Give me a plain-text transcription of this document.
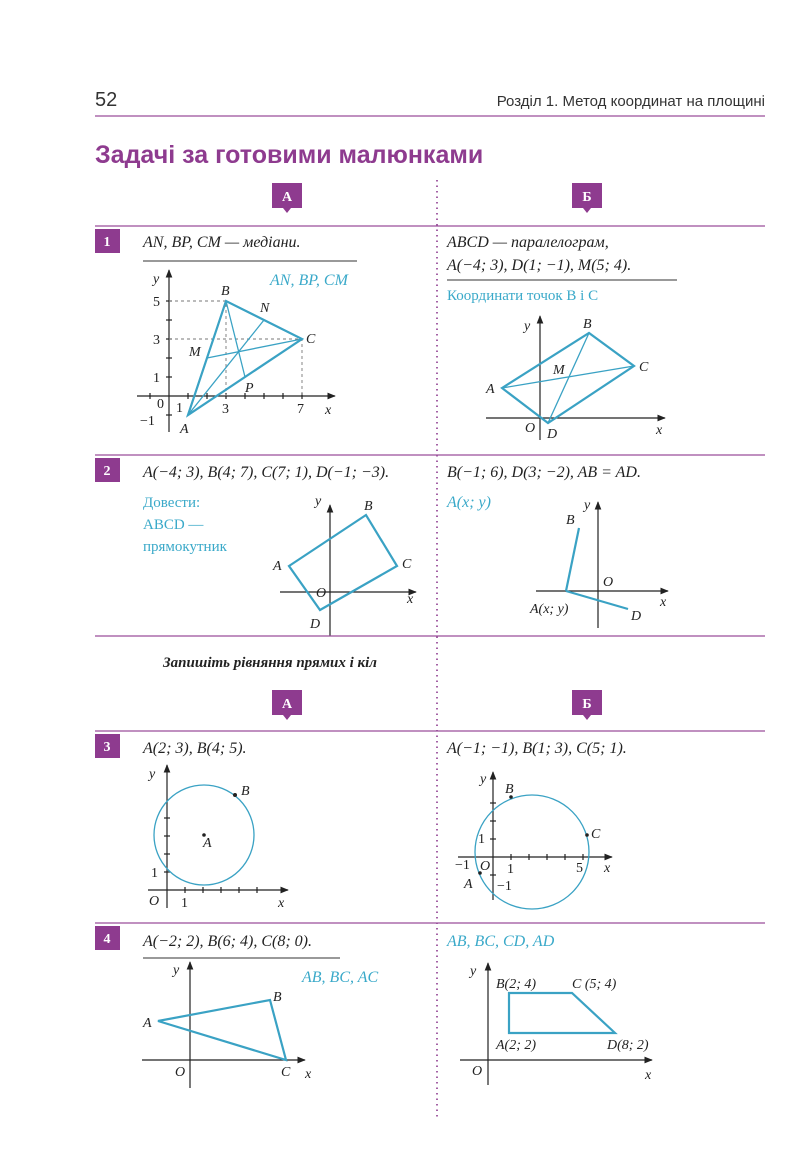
52	Розділ 1. Метод координат на площині
Задачі за готовими малюнками
А	Б
1 AN, BP, CM — медіани.
AN, BP, CM
A
B
C
M
N
P
x
y
0
5
3
1
−1
1	3	7
ABCD — паралелограм,
A(−4; 3), D(1; −1), M(5; 4).
Координати точок B і C
A
B
C
D
M
O	x
y
2 A(−4; 3), B(4; 7), C(7; 1), D(−1; −3).
Довести:
ABCD —
прямокутник
A
B
C
D
O	x
y
B(−1; 6), D(3; −2), AB = AD.
A(x; y)
B
D
A(x; y)
O
x
y
Запишіть рівняння прямих і кіл
А	Б
3 A(2; 3), B(4; 5).
A
B
O	x
y
1
1
A(−1; −1), B(1; 3), C(5; 1).
A
B
C
O	x
y
1
−1	1	5
−1
4 A(−2; 2), B(6; 4), C(8; 0).
AB, BC, AC
A
B
C
O	x
y
AB, BC, CD, AD
A(2; 2)
B(2; 4)	C (5; 4)
D(8; 2)
O	x
y
